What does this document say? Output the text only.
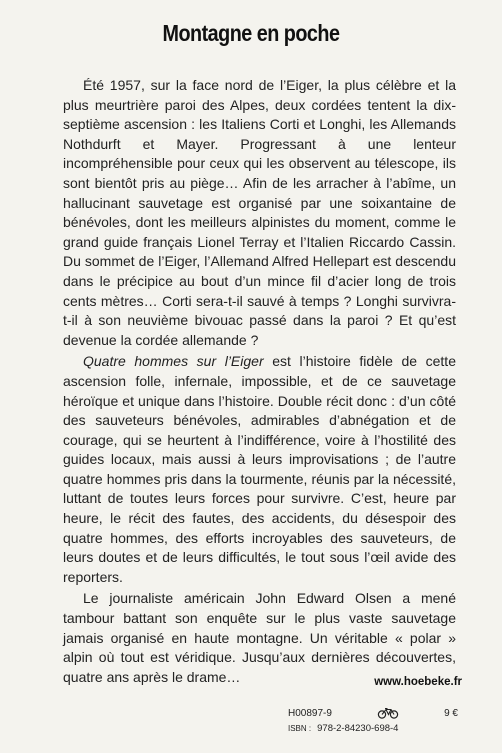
Montagne en poche

Été 1957, sur la face nord de l’Eiger, la plus célèbre et la plus meurtrière paroi des Alpes, deux cordées tentent la dix-septième ascension : les Italiens Corti et Longhi, les Allemands Nothdurft et Mayer. Progressant à une lenteur incompréhensible pour ceux qui les observent au télescope, ils sont bientôt pris au piège… Afin de les arracher à l’abîme, un hallucinant sauvetage est organisé par une soixantaine de bénévoles, dont les meilleurs alpinistes du moment, comme le grand guide français Lionel Terray et l’Italien Riccardo Cassin. Du sommet de l’Eiger, l’Allemand Alfred Hellepart est descendu dans le précipice au bout d’un mince fil d’acier long de trois cents mètres… Corti sera-t-il sauvé à temps ? Longhi survivra-t-il à son neuvième bivouac passé dans la paroi ? Et qu’est devenue la cordée allemande ?

Quatre hommes sur l’Eiger est l’histoire fidèle de cette ascension folle, infernale, impossible, et de ce sauvetage héroïque et unique dans l’histoire. Double récit donc : d’un côté des sauveteurs bénévoles, admirables d’abnégation et de courage, qui se heurtent à l’indifférence, voire à l’hostilité des guides locaux, mais aussi à leurs improvisations ; de l’autre quatre hommes pris dans la tourmente, réunis par la nécessité, luttant de toutes leurs forces pour survivre. C’est, heure par heure, le récit des fautes, des accidents, du désespoir des quatre hommes, des efforts incroyables des sauveteurs, de leurs doutes et de leurs difficultés, le tout sous l’œil avide des reporters.

Le journaliste américain John Edward Olsen a mené tambour battant son enquête sur le plus vaste sauvetage jamais organisé en haute montagne. Un véritable « polar » alpin où tout est véridique. Jusqu’aux dernières découvertes, quatre ans après le drame…	www.hoebeke.fr
H00897-9	9 €
ISBN : 978-2-84230-698-4
